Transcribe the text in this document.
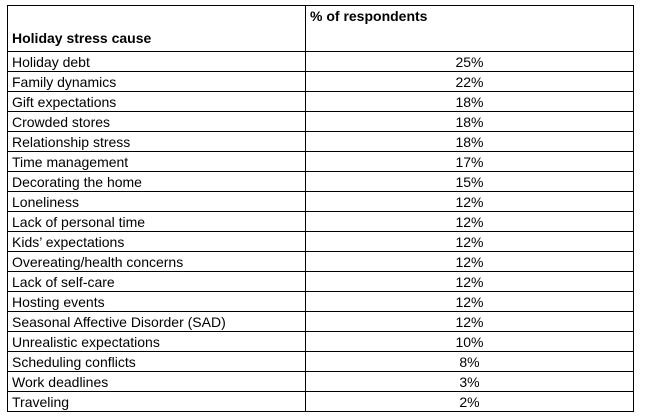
Holiday stress cause	% of respondents
Holiday debt	25%
Family dynamics	22%
Gift expectations	18%
Crowded stores	18%
Relationship stress	18%
Time management	17%
Decorating the home	15%
Loneliness	12%
Lack of personal time	12%
Kids’ expectations	12%
Overeating/health concerns	12%
Lack of self-care	12%
Hosting events	12%
Seasonal Affective Disorder (SAD)	12%
Unrealistic expectations	10%
Scheduling conflicts	8%
Work deadlines	3%
Traveling	2%
